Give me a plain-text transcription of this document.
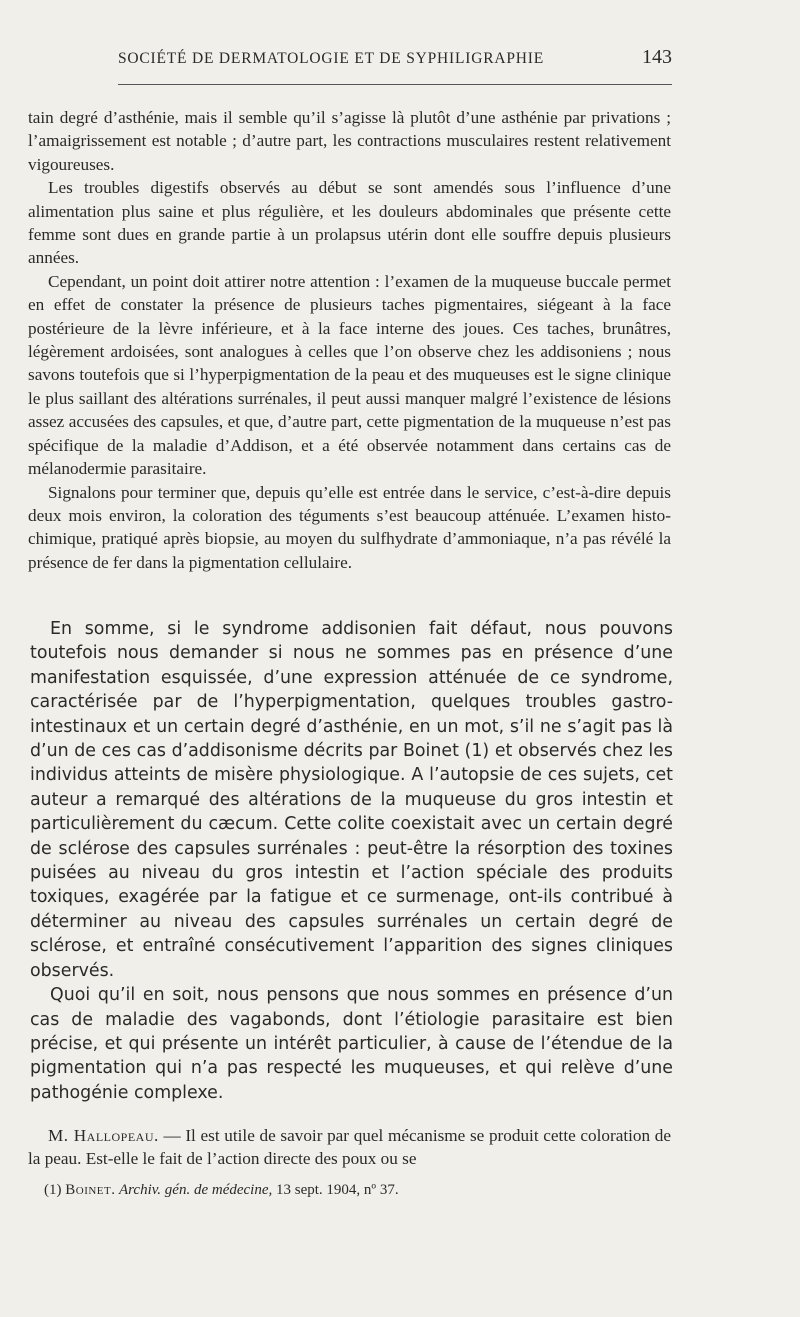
SOCIÉTÉ DE DERMATOLOGIE ET DE SYPHILIGRAPHIE	143

tain degré d’asthénie, mais il semble qu’il s’agisse là plutôt d’une asthénie par privations ; l’amaigrissement est notable ; d’autre part, les contractions musculaires restent relativement vigoureuses.

Les troubles digestifs observés au début se sont amendés sous l’influence d’une alimentation plus saine et plus régulière, et les douleurs abdominales que présente cette femme sont dues en grande partie à un prolapsus utérin dont elle souffre depuis plusieurs années.

Cependant, un point doit attirer notre attention : l’examen de la muqueuse buccale permet en effet de constater la présence de plusieurs taches pigmentaires, siégeant à la face postérieure de la lèvre inférieure, et à la face interne des joues. Ces taches, brunâtres, légèrement ardoisées, sont analogues à celles que l’on observe chez les addisoniens ; nous savons toutefois que si l’hyperpigmentation de la peau et des muqueuses est le signe clinique le plus saillant des altérations surrénales, il peut aussi manquer malgré l’existence de lésions assez accusées des capsules, et que, d’autre part, cette pigmentation de la muqueuse n’est pas spécifique de la maladie d’Addison, et a été observée notamment dans certains cas de mélanodermie parasitaire.

Signalons pour terminer que, depuis qu’elle est entrée dans le service, c’est-à-dire depuis deux mois environ, la coloration des téguments s’est beaucoup atténuée. L’examen histo-chimique, pratiqué après biopsie, au moyen du sulfhydrate d’ammoniaque, n’a pas révélé la présence de fer dans la pigmentation cellulaire.

En somme, si le syndrome addisonien fait défaut, nous pouvons toutefois nous demander si nous ne sommes pas en présence d’une manifestation esquissée, d’une expression atténuée de ce syndrome, caractérisée par de l’hyperpigmentation, quelques troubles gastro-intestinaux et un certain degré d’asthénie, en un mot, s’il ne s’agit pas là d’un de ces cas d’addisonisme décrits par Boinet (1) et observés chez les individus atteints de misère physiologique. A l’autopsie de ces sujets, cet auteur a remarqué des altérations de la muqueuse du gros intestin et particulièrement du cæcum. Cette colite coexistait avec un certain degré de sclérose des capsules surrénales : peut-être la résorption des toxines puisées au niveau du gros intestin et l’action spéciale des produits toxiques, exagérée par la fatigue et ce surmenage, ont-ils contribué à déterminer au niveau des capsules surrénales un certain degré de sclérose, et entraîné consécutivement l’apparition des signes cliniques observés.

Quoi qu’il en soit, nous pensons que nous sommes en présence d’un cas de maladie des vagabonds, dont l’étiologie parasitaire est bien précise, et qui présente un intérêt particulier, à cause de l’étendue de la pigmentation qui n’a pas respecté les muqueuses, et qui relève d’une pathogénie complexe.

M. Hallopeau. — Il est utile de savoir par quel mécanisme se produit cette coloration de la peau. Est-elle le fait de l’action directe des poux ou se

(1) Boinet. Archiv. gén. de médecine, 13 sept. 1904, nº 37.
